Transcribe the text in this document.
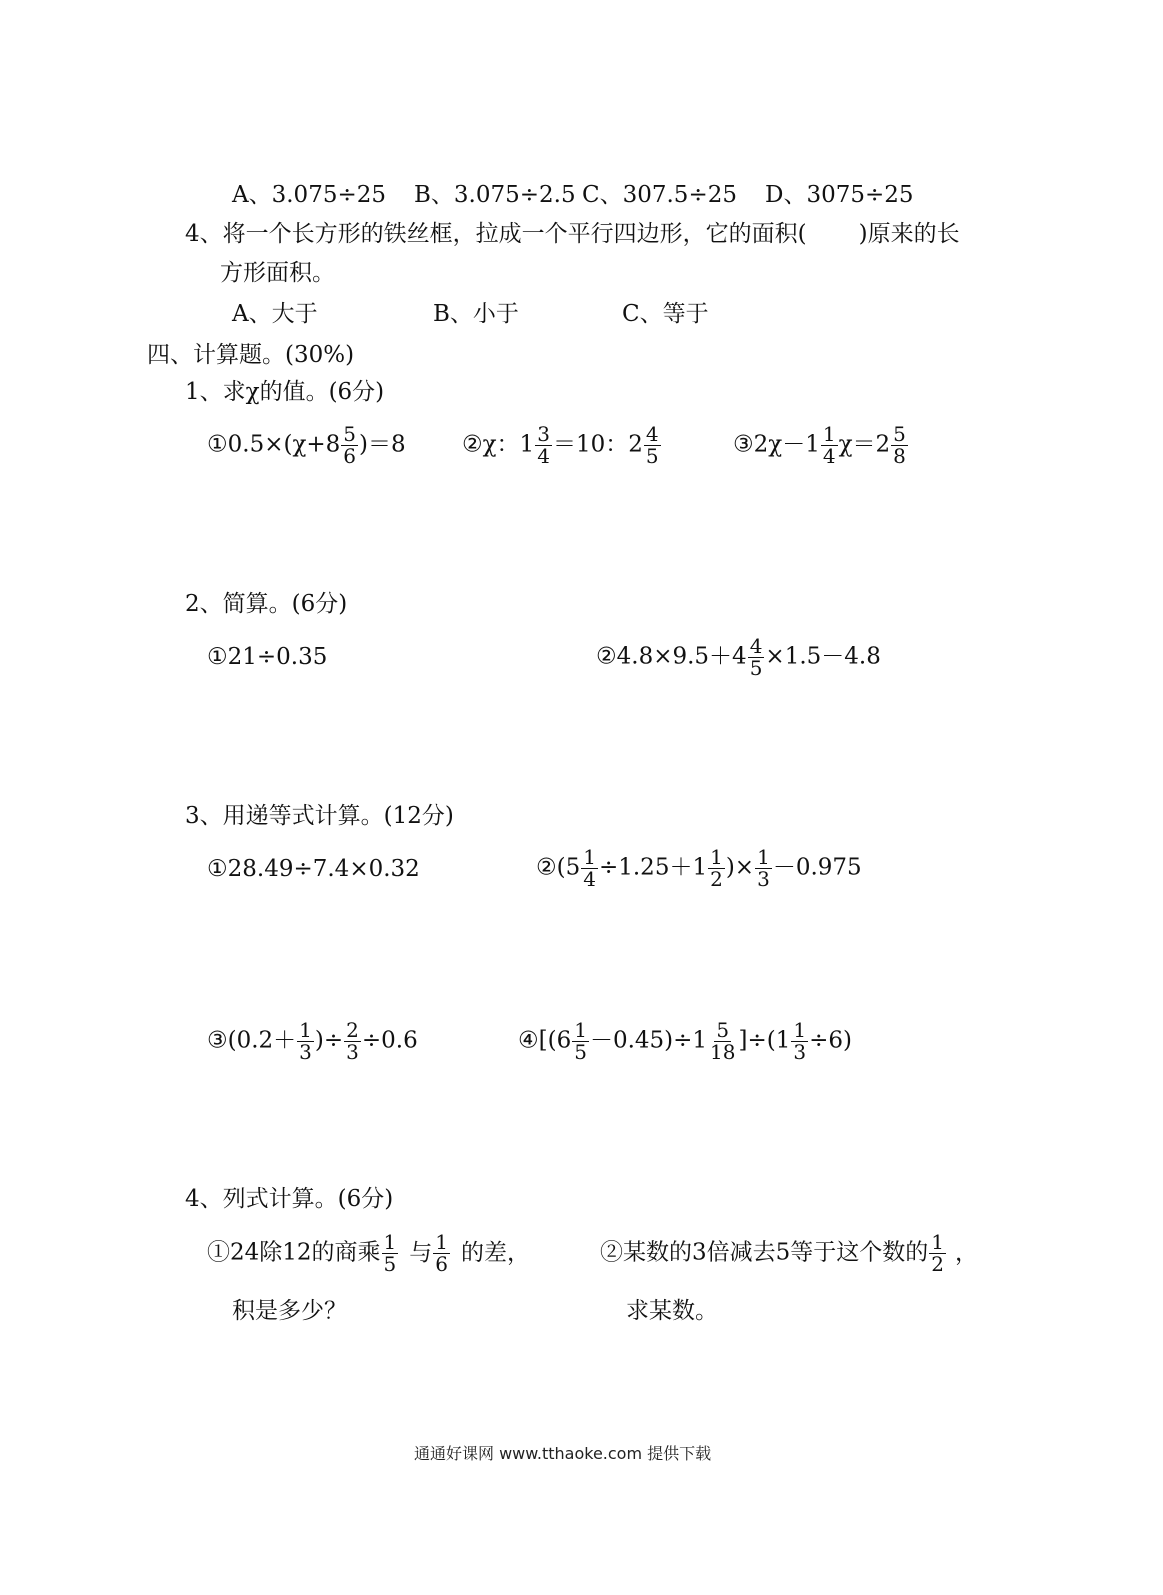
A、3.075÷25 B、3.075÷2.5 C、307.5÷25 D、3075÷25
4、将一个长方形的铁丝框，拉成一个平行四边形，它的面积( )原来的长
方形面积。
A、大于	B、小于	C、等于
四、计算题。(30%)
1、求χ的值。(6分)
①0.5×(χ+8 $\frac{5}{6} )=8$ ②χ：$1 \frac{3}{4} =10$：$2 \frac{4}{5}$	③2χ－1 $\frac{1}{4} \chi=2 \frac{5}{8}$
2、简算。(6分)
①21÷0.35	②4.8×9.5＋4 $\frac{4}{5} \times 1.5-4.8$
3、用递等式计算。(12分)
①28.49÷7.4×0.32	②(5 $\frac{1}{4} \div 1.25+1 \frac{1}{2}$ )× $\frac{1}{3} -0.975$
③(0.2＋ $\frac{1}{3}$ )÷ $\frac{2}{3} \div 0.6$	④[(6 $\frac{1}{5} -0.45)\div 1 \frac{5}{18} ]\div(1 \frac{1}{3} \div 6)$
4、列式计算。(6分)
①24除12的商乘 $\frac{1}{5}$ 与 $\frac{1}{6}$ 的差，
积是多少？
②某数的3倍减去5等于这个数的 $\frac{1}{2}$ ，
求某数。
通通好课网 www.tthaoke.com 提供下载
